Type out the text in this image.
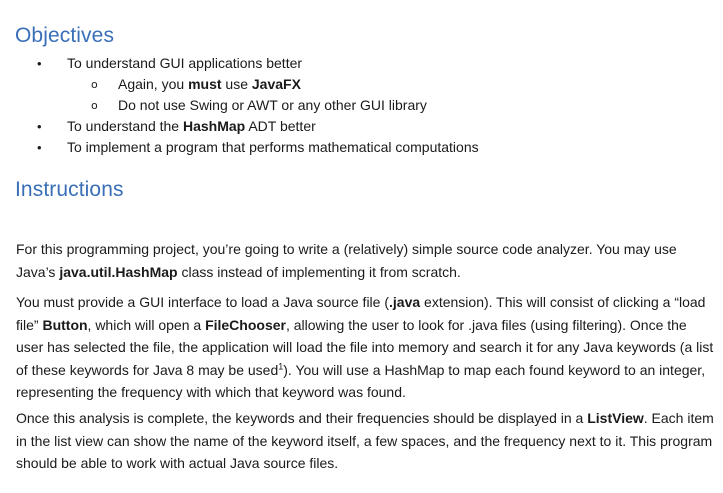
Objectives
• To understand GUI applications better
o Again, you must use JavaFX
o Do not use Swing or AWT or any other GUI library
• To understand the HashMap ADT better
• To implement a program that performs mathematical computations
Instructions

For this programming project, you’re going to write a (relatively) simple source code analyzer. You may use Java’s java.util.HashMap class instead of implementing it from scratch.

You must provide a GUI interface to load a Java source file (.java extension). This will consist of clicking a “load file” Button, which will open a FileChooser, allowing the user to look for .java files (using filtering). Once the user has selected the file, the application will load the file into memory and search it for any Java keywords (a list of these keywords for Java 8 may be used$^1$). You will use a HashMap to map each found keyword to an integer, representing the frequency with which that keyword was found.

Once this analysis is complete, the keywords and their frequencies should be displayed in a ListView. Each item in the list view can show the name of the keyword itself, a few spaces, and the frequency next to it. This program should be able to work with actual Java source files.
